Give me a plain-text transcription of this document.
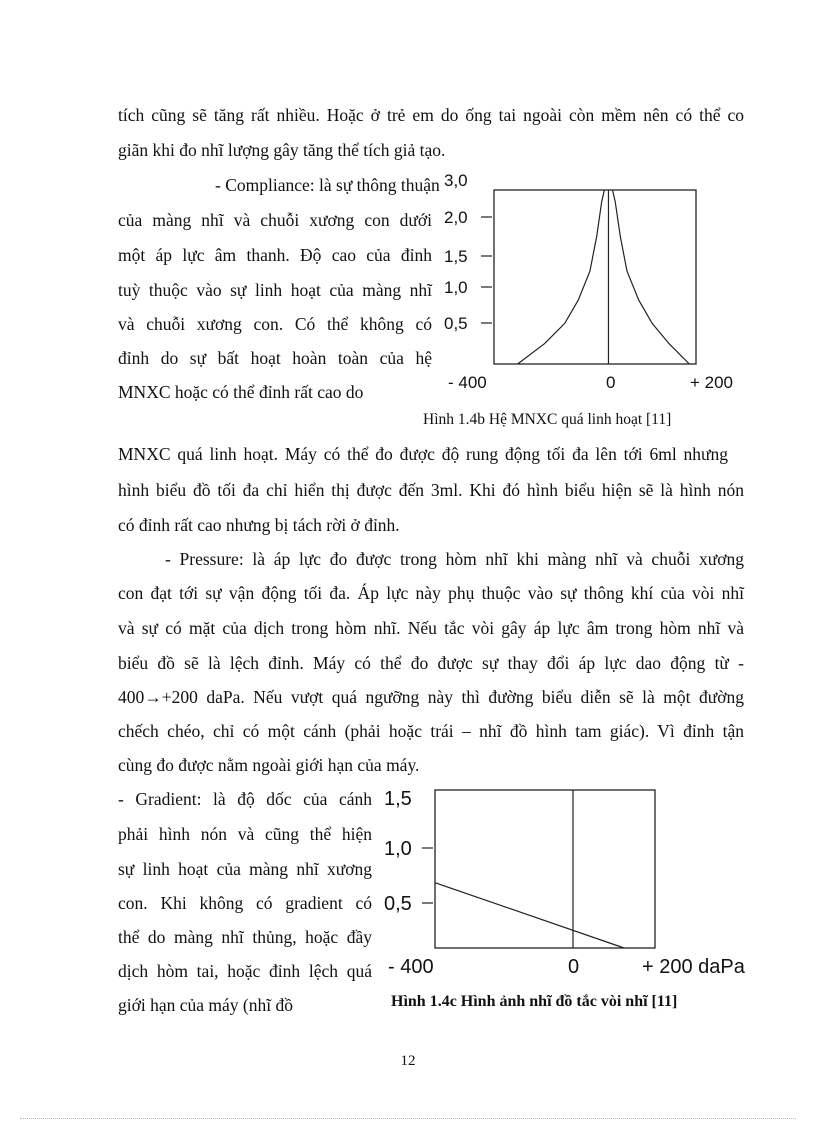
tích cũng sẽ tăng rất nhiều. Hoặc ở trẻ em do ống tai ngoài còn mềm nên có thể co
giãn khi đo nhĩ lượng gây tăng thể tích giả tạo.
- Compliance: là sự thông thuận
của màng nhĩ và chuỗi xương con dưới
một áp lực âm thanh. Độ cao của đỉnh
tuỳ thuộc vào sự linh hoạt của màng nhĩ
và chuỗi xương con. Có thể không có
đỉnh do sự bất hoạt hoàn toàn của hệ
MNXC hoặc có thể đỉnh rất cao do
3,0
2,0
1,5
1,0
0,5
- 400	0	+ 200
Hình 1.4b Hệ MNXC quá linh hoạt [11]
MNXC quá linh hoạt. Máy có thể đo được độ rung động tối đa lên tới 6ml nhưng
hình biểu đồ tối đa chỉ hiển thị được đến 3ml. Khi đó hình biểu hiện sẽ là hình nón
có đỉnh rất cao nhưng bị tách rời ở đỉnh.
- Pressure: là áp lực đo được trong hòm nhĩ khi màng nhĩ và chuỗi xương
con đạt tới sự vận động tối đa. Áp lực này phụ thuộc vào sự thông khí của vòi nhĩ
và sự có mặt của dịch trong hòm nhĩ. Nếu tắc vòi gây áp lực âm trong hòm nhĩ và
biểu đồ sẽ là lệch đỉnh. Máy có thể đo được sự thay đổi áp lực dao động từ -
400→+200 daPa. Nếu vượt quá ngưỡng này thì đường biểu diễn sẽ là một đường
chếch chéo, chỉ có một cánh (phải hoặc trái – nhĩ đồ hình tam giác). Vì đỉnh tận
cùng đo được nằm ngoài giới hạn của máy.
- Gradient: là độ dốc của cánh
phải hình nón và cũng thể hiện
sự linh hoạt của màng nhĩ xương
con. Khi không có gradient có
thể do màng nhĩ thủng, hoặc đầy
dịch hòm tai, hoặc đỉnh lệch quá
giới hạn của máy (nhĩ đồ
1,5
1,0
0,5
- 400	0	+ 200 daPa
Hình 1.4c Hình ảnh nhĩ đồ tắc vòi nhĩ [11]
12
